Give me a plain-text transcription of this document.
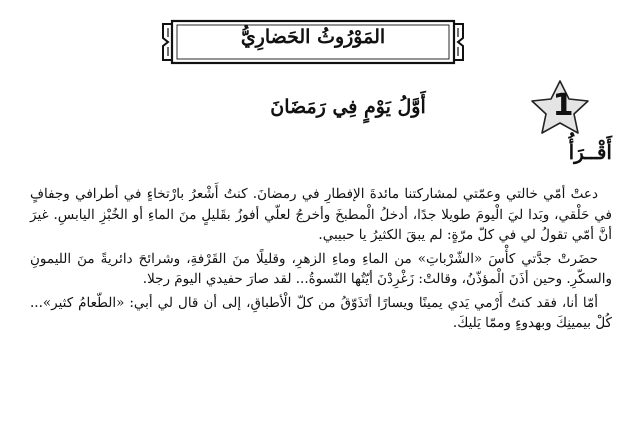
المَوْرُوثُ الحَضارِيُّ
1
أَوَّلُ يَوْمٍ فِي رَمَضَانَ
أَقْــرَأُ

دعتْ أمّي خالتي وعمّتي لمشاركتنا مائدةَ الإفطارِ في رمضانَ. كنتُ أَشْعرُ بارْتخاءٍ في أطرافي وجفافٍ في حَلْقي، وبَدا ليَ الْيومَ طويلا جدًا، أدخلُ الْمطبخَ وأخرجُ لعلّي أفوزُ بقَليلٍ منَ الماءِ أو الخُبْزِ اليابسِ. غيرَ أنَّ أمّي تقولُ لي في كلّ مرّةٍ: لم يبقَ الكثيرُ يا حبيبي.

حضَرتْ جدَّتي كأْسَ «الشّرْباتِ» من الماءِ وماءِ الزهرِ، وقليلًا منَ القَرْفةِ، وشرائحَ دائريةً منَ الليمونِ والسكّرِ. وحين أذَنَ الْمؤذّنُ، وقالتْ: زَغْرِدْنَ أيّتُها النّسوةُ... لقد صارَ حفيدي اليومَ رجلا.

أمّا أنا، فقد كنتُ أَرْمي يَدي يمينًا ويسارًا أتَذَوّقُ من كلّ الْأطباقِ، إلى أن قال لي أبي: «الطّعامُ كثير»... كُلْ بيمينِكَ وبهدوءٍ وممّا يَليكَ.
